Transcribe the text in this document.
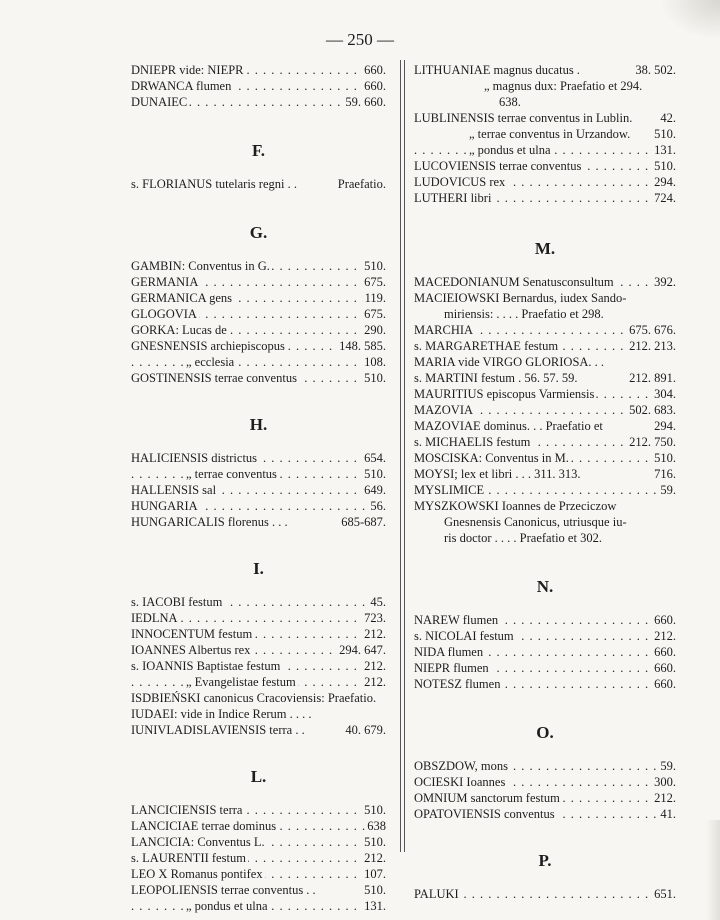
— 250 —
. . . DNIEPR vide: NIEPR	660.
. . . DRWANCA flumen	660.
. . . DUNAIEC	59. 660.
F.
s. FLORIANUS tutelaris regni . .	Praefatio.
G.
. . . GAMBIN: Conventus in G.	510.
. . . GERMANIA	675.
. . . GERMANICA gens	119.
. . . GLOGOVIA	675.
. . . GORKA: Lucas de	290.
. . . GNESNENSIS archiepiscopus	148. 585.
. . . „ ecclesia	108.
. . . GOSTINENSIS terrae conventus	510.
H.
. . . HALICIENSIS districtus	654.
. . . „ terrae conventus	510.
. . . HALLENSIS sal	649.
. . . HUNGARIA	56.
HUNGARICALIS florenus . . .	685-687.
I.
. . . s. IACOBI festum	45.
. . . IEDLNA	723.
. . . INNOCENTUM festum	212.
. . . IOANNES Albertus rex	294. 647.
. . . s. IOANNIS Baptistae festum	212.
. . . „ Evangelistae festum	212.
ISDBIEŃSKI canonicus Cracoviensis: Praefatio.
IUDAEI: vide in Indice Rerum . . . .
IUNIVLADISLAVIENSIS terra . .	40. 679.
L.
. . . LANCICIENSIS terra	510.
. . . LANCICIAE terrae dominus	638
. . . LANCICIA: Conventus L.	510.
. . . s. LAURENTII festum	212.
. . . LEO X Romanus pontifex	107.
LEOPOLIENSIS terrae conventus . .	510.
. . . „ pondus et ulna	131.
LITHUANIAE magnus ducatus .	38. 502.
„ magnus dux: Praefatio et 294.
638.
LUBLINENSIS terrae conventus in Lublin. 42.
„ terrae conventus in Urzandow. 510.
. . . „ pondus et ulna	131.
. . . LUCOVIENSIS terrae conventus	510.
. . . LUDOVICUS rex	294.
. . . LUTHERI libri	724.
M.
. . . MACEDONIANUM Senatusconsultum	392.
MACIEIOWSKI Bernardus, iudex Sando-
miriensis: . . . . Praefatio et 298.
. . . MARCHIA	675. 676.
. . . s. MARGARETHAE festum	212. 213.
MARIA vide VIRGO GLORIOSA. . .
s. MARTINI festum . 56. 57. 59.	212. 891.
. . . MAURITIUS episcopus Varmiensis	304.
. . . MAZOVIA	502. 683.
MAZOVIAE dominus. . . Praefatio et	294.
. . . s. MICHAELIS festum	212. 750.
. . . MOSCISKA: Conventus in M.	510.
MOYSI; lex et libri . . . 311. 313.	716.
. . . MYSLIMICE	59.
MYSZKOWSKI Ioannes de Przeciczow
Gnesnensis Canonicus, utriusque iu-
ris doctor . . . . Praefatio et 302.
N.
. . . NAREW flumen	660.
. . . s. NICOLAI festum	212.
. . . NIDA flumen	660.
. . . NIEPR flumen	660.
. . . NOTESZ flumen	660.
O.
. . . OBSZDOW, mons	59.
. . . OCIESKI Ioannes	300.
. . . OMNIUM sanctorum festum	212.
. . . OPATOVIENSIS conventus	41.
P.
. . . PALUKI	651.
